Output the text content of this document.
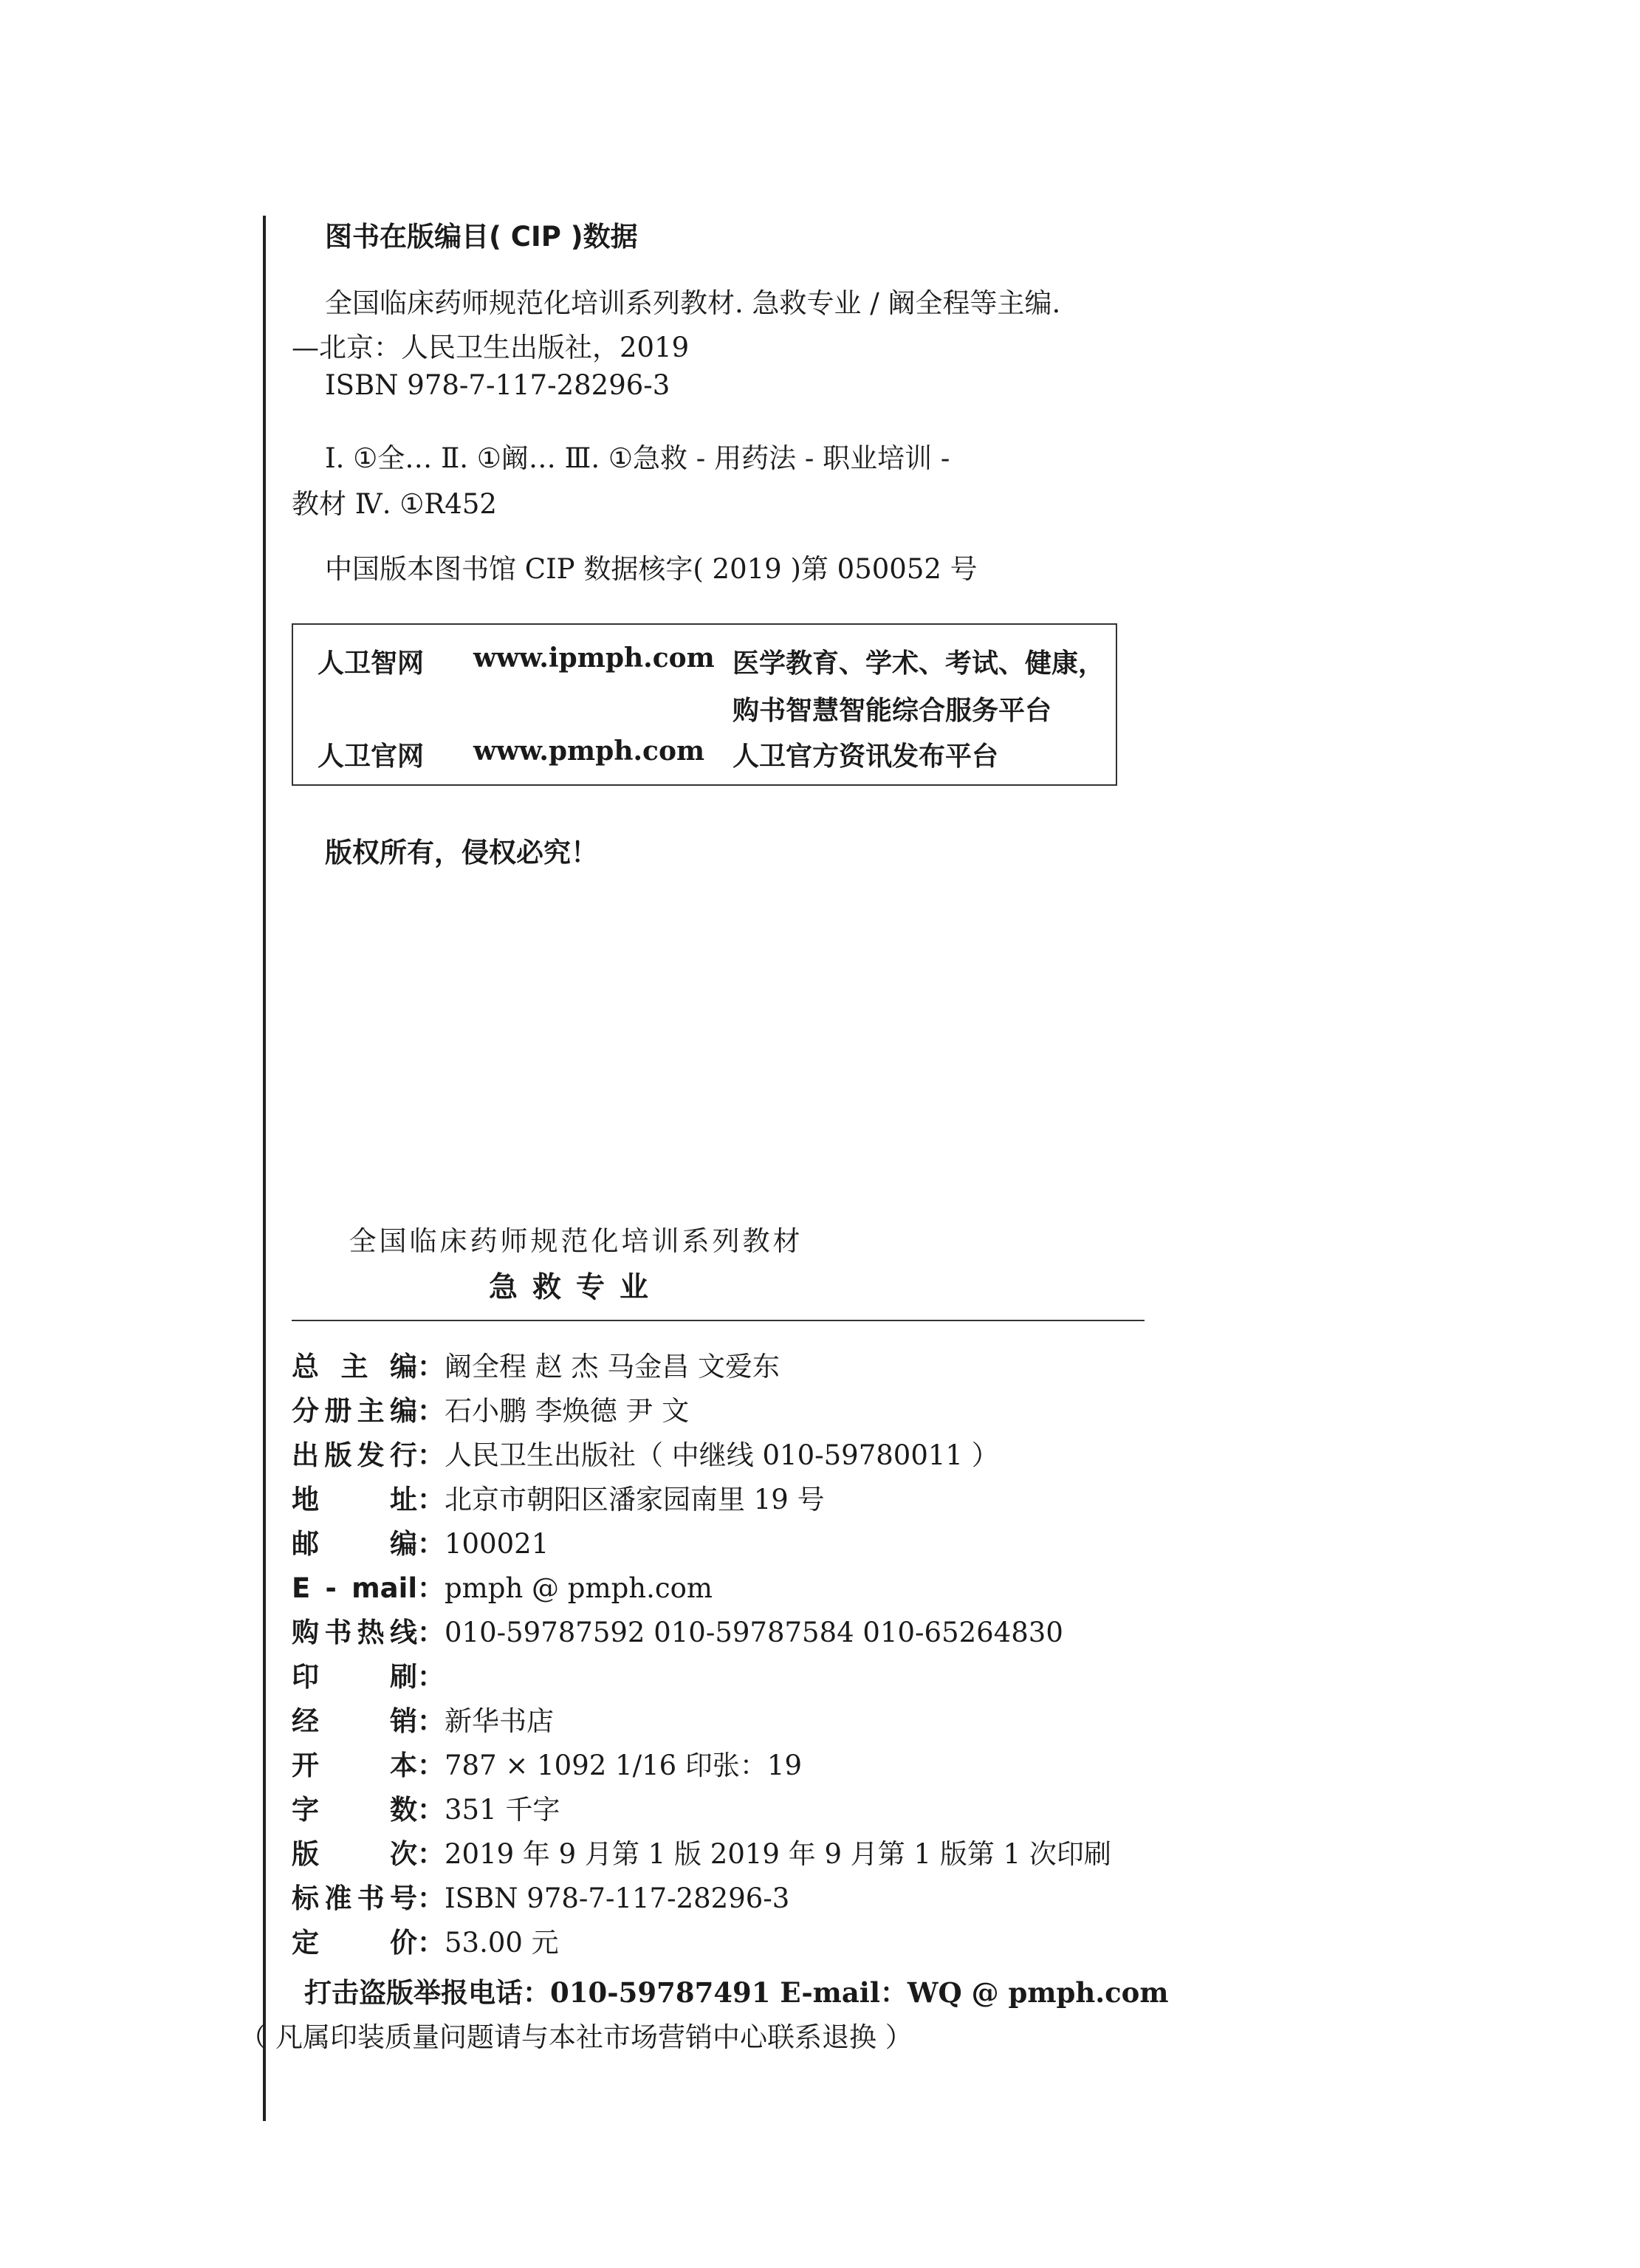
图书在版编目( CIP )数据
全国临床药师规范化培训系列教材. 急救专业 / 阚全程等主编.
—北京：人民卫生出版社，2019
ISBN 978-7-117-28296-3
Ⅰ. ①全… Ⅱ. ①阚… Ⅲ. ①急救 - 用药法 - 职业培训 -
教材 Ⅳ. ①R452
中国版本图书馆 CIP 数据核字( 2019 )第 050052 号
人卫智网 www.ipmph.com 医学教育、学术、考试、健康，
购书智慧智能综合服务平台
人卫官网 www.pmph.com 人卫官方资讯发布平台
版权所有，侵权必究！
全国临床药师规范化培训系列教材
急救专业
总 主 编：阚全程 赵 杰 马金昌 文爱东
分册主编：石小鹏 李焕德 尹 文
出版发行：人民卫生出版社（ 中继线 010-59780011 ）
地址：北京市朝阳区潘家园南里 19 号
邮编：100021
E - mail：pmph @ pmph.com
购书热线：010-59787592 010-59787584 010-65264830
印刷：
经销：新华书店
开本：787 × 1092 1/16 印张：19
字数：351 千字
版次：2019 年 9 月第 1 版 2019 年 9 月第 1 版第 1 次印刷
标准书号：ISBN 978-7-117-28296-3
定价：53.00 元
打击盗版举报电话：010-59787491 E-mail：WQ @ pmph.com
（ 凡属印装质量问题请与本社市场营销中心联系退换 ）
